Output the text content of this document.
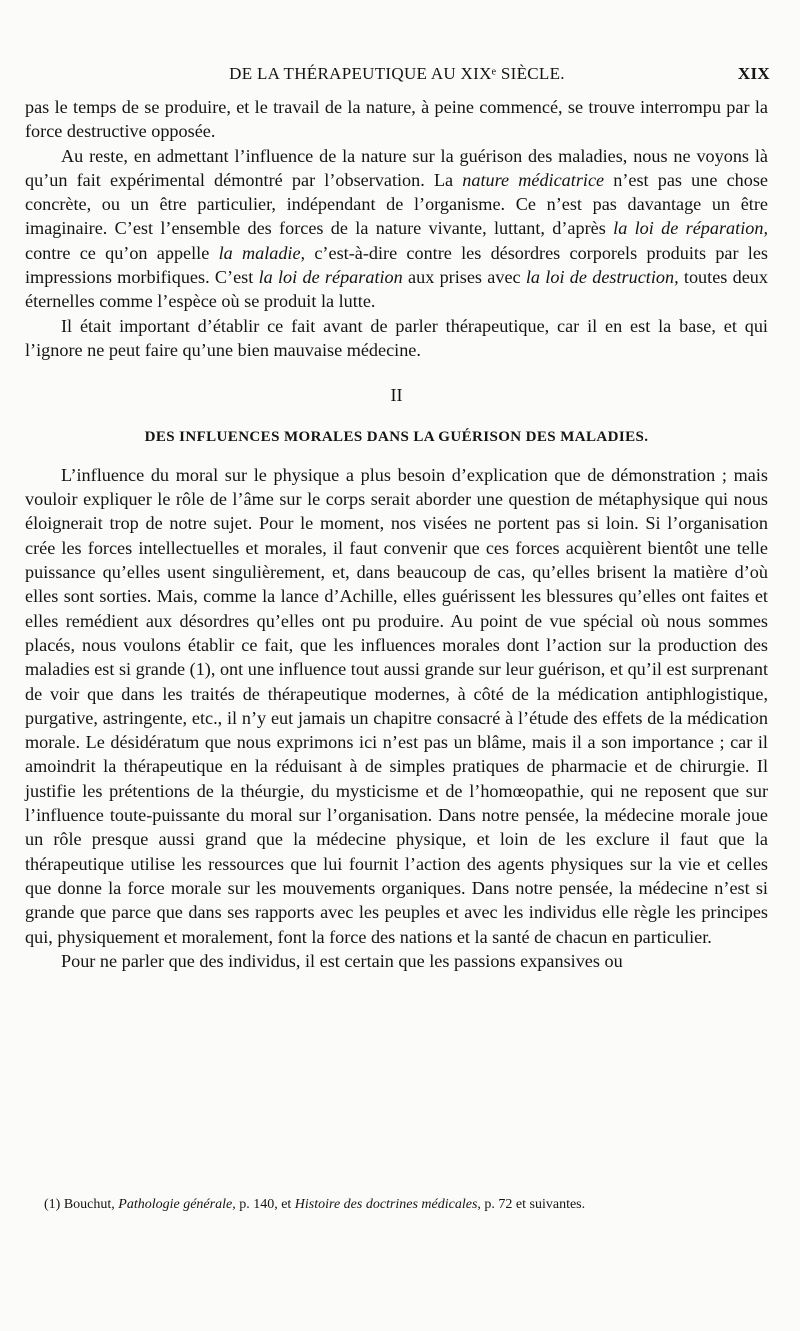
DE LA THÉRAPEUTIQUE AU XIXᵉ SIÈCLE.	XIX

pas le temps de se produire, et le travail de la nature, à peine commencé, se trouve interrompu par la force destructive opposée.

Au reste, en admettant l’influence de la nature sur la guérison des maladies, nous ne voyons là qu’un fait expérimental démontré par l’observation. La nature médicatrice n’est pas une chose concrète, ou un être particulier, indépendant de l’organisme. Ce n’est pas davantage un être imaginaire. C’est l’ensemble des forces de la nature vivante, luttant, d’après la loi de réparation, contre ce qu’on appelle la maladie, c’est-à-dire contre les désordres corporels produits par les impressions morbifiques. C’est la loi de réparation aux prises avec la loi de destruction, toutes deux éternelles comme l’espèce où se produit la lutte.

Il était important d’établir ce fait avant de parler thérapeutique, car il en est la base, et qui l’ignore ne peut faire qu’une bien mauvaise médecine.

II
DES INFLUENCES MORALES DANS LA GUÉRISON DES MALADIES.

L’influence du moral sur le physique a plus besoin d’explication que de démonstration ; mais vouloir expliquer le rôle de l’âme sur le corps serait aborder une question de métaphysique qui nous éloignerait trop de notre sujet. Pour le moment, nos visées ne portent pas si loin. Si l’organisation crée les forces intellectuelles et morales, il faut convenir que ces forces acquièrent bientôt une telle puissance qu’elles usent singulièrement, et, dans beaucoup de cas, qu’elles brisent la matière d’où elles sont sorties. Mais, comme la lance d’Achille, elles guérissent les blessures qu’elles ont faites et elles remédient aux désordres qu’elles ont pu produire. Au point de vue spécial où nous sommes placés, nous voulons établir ce fait, que les influences morales dont l’action sur la production des maladies est si grande (1), ont une influence tout aussi grande sur leur guérison, et qu’il est surprenant de voir que dans les traités de thérapeutique modernes, à côté de la médication antiphlogistique, purgative, astringente, etc., il n’y eut jamais un chapitre consacré à l’étude des effets de la médication morale. Le désidératum que nous exprimons ici n’est pas un blâme, mais il a son importance ; car il amoindrit la thérapeutique en la réduisant à de simples pratiques de pharmacie et de chirurgie. Il justifie les prétentions de la théurgie, du mysticisme et de l’homœopathie, qui ne reposent que sur l’influence toute-puissante du moral sur l’organisation. Dans notre pensée, la médecine morale joue un rôle presque aussi grand que la médecine physique, et loin de les exclure il faut que la thérapeutique utilise les ressources que lui fournit l’action des agents physiques sur la vie et celles que donne la force morale sur les mouvements organiques. Dans notre pensée, la médecine n’est si grande que parce que dans ses rapports avec les peuples et avec les individus elle règle les principes qui, physiquement et moralement, font la force des nations et la santé de chacun en particulier.

Pour ne parler que des individus, il est certain que les passions expansives ou

(1) Bouchut, Pathologie générale, p. 140, et Histoire des doctrines médicales, p. 72 et suivantes.
